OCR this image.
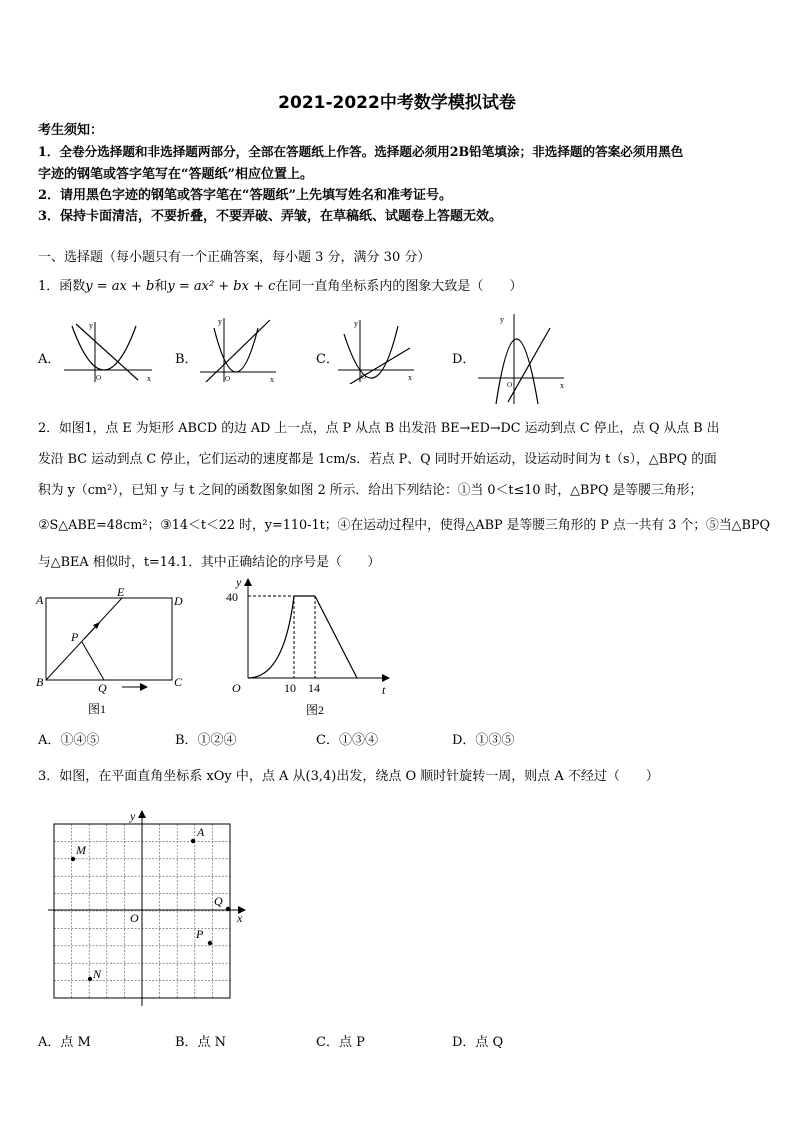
2021-2022中考数学模拟试卷
考生须知：
1．全卷分选择题和非选择题两部分，全部在答题纸上作答。选择题必须用2B铅笔填涂；非选择题的答案必须用黑色
字迹的钢笔或答字笔写在“答题纸”相应位置上。
2．请用黑色字迹的钢笔或答字笔在“答题纸”上先填写姓名和准考证号。
3．保持卡面清洁，不要折叠，不要弄破、弄皱，在草稿纸、试题卷上答题无效。
一、选择题（每小题只有一个正确答案，每小题 3 分，满分 30 分）
1．函数y = ax + b和y = ax² + bx + c在同一直角坐标系内的图象大致是（　　）
A．	B．	C．	D．
y
x
O
y
x
O
y
x
O
y
x
O
2．如图1，点 E 为矩形 ABCD 的边 AD 上一点，点 P 从点 B 出发沿 BE→ED→DC 运动到点 C 停止，点 Q 从点 B 出
发沿 BC 运动到点 C 停止，它们运动的速度都是 1cm/s．若点 P、Q 同时开始运动，设运动时间为 t（s），△BPQ 的面
积为 y（cm²），已知 y 与 t 之间的函数图象如图 2 所示．给出下列结论：①当 0＜t≤10 时，△BPQ 是等腰三角形；
②S△ABE=48cm²；③14＜t＜22 时，y=110-1t；④在运动过程中，使得△ABP 是等腰三角形的 P 点一共有 3 个；⑤当△BPQ
与△BEA 相似时，t=14.1．其中正确结论的序号是（　　）
A
B	C
D
E
P
Q
图1
y
t
O
40
10 14
图2
A．①④⑤	B．①②④	C．①③④	D．①③⑤
3．如图，在平面直角坐标系 xOy 中，点 A 从(3,4)出发，绕点 O 顺时针旋转一周，则点 A 不经过（　　）
y
x
O
A
M
N
P
Q
A．点 M	B．点 N	C．点 P	D．点 Q
